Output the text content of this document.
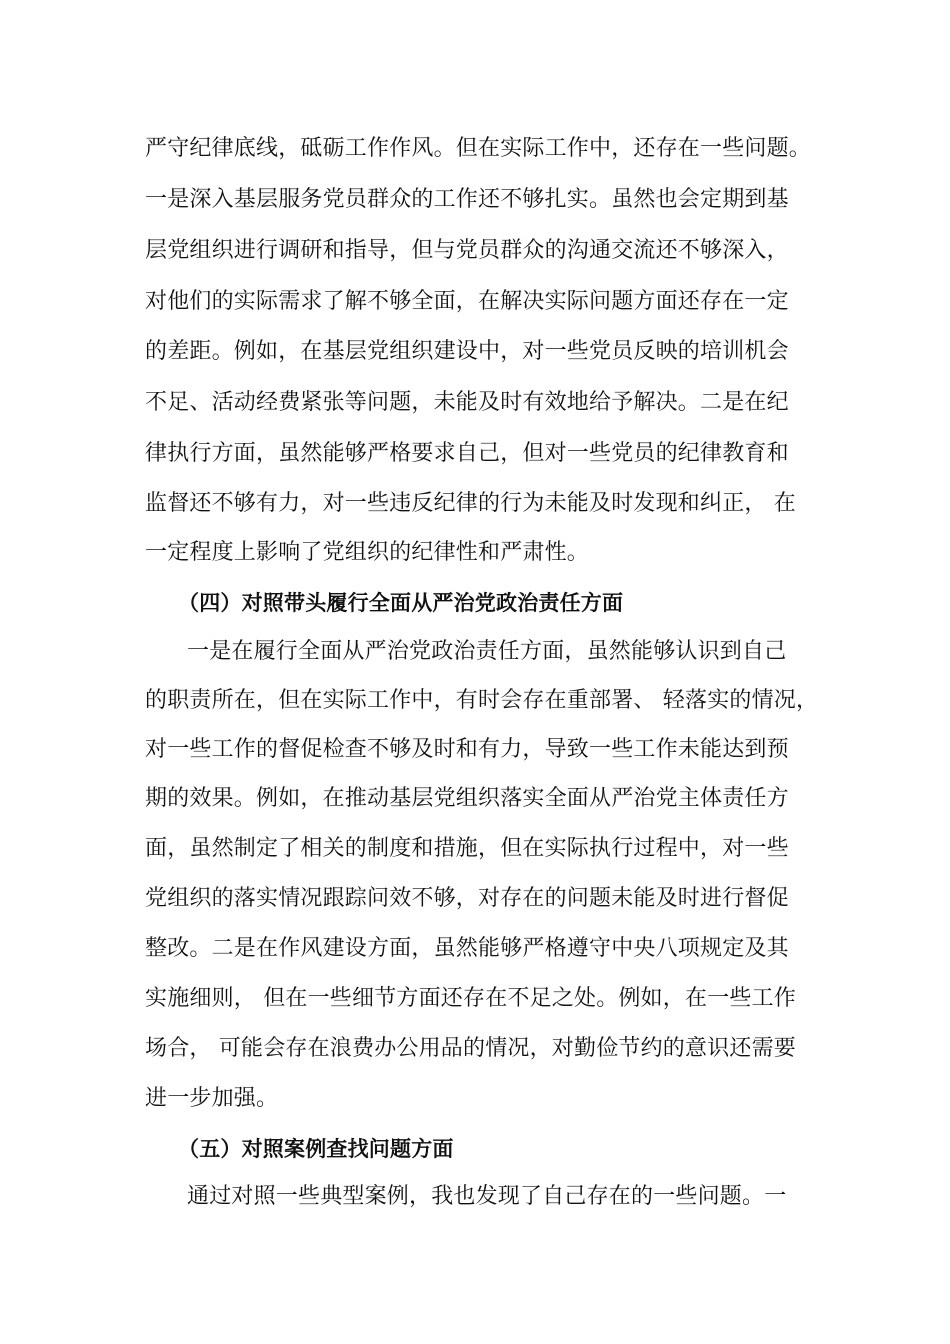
严守纪律底线，砥砺工作作风。但在实际工作中，还存在一些问题。
一是深入基层服务党员群众的工作还不够扎实。虽然也会定期到基
层党组织进行调研和指导，但与党员群众的沟通交流还不够深入，
对他们的实际需求了解不够全面，在解决实际问题方面还存在一定
的差距。例如，在基层党组织建设中，对一些党员反映的培训机会
不足、活动经费紧张等问题，未能及时有效地给予解决。二是在纪
律执行方面，虽然能够严格要求自己，但对一些党员的纪律教育和
监督还不够有力，对一些违反纪律的行为未能及时发现和纠正， 在
一定程度上影响了党组织的纪律性和严肃性。
（四）对照带头履行全面从严治党政治责任方面
一是在履行全面从严治党政治责任方面，虽然能够认识到自己
的职责所在，但在实际工作中，有时会存在重部署、 轻落实的情况，
对一些工作的督促检查不够及时和有力，导致一些工作未能达到预
期的效果。例如，在推动基层党组织落实全面从严治党主体责任方
面，虽然制定了相关的制度和措施，但在实际执行过程中，对一些
党组织的落实情况跟踪问效不够，对存在的问题未能及时进行督促
整改。二是在作风建设方面，虽然能够严格遵守中央八项规定及其
实施细则， 但在一些细节方面还存在不足之处。例如，在一些工作
场合， 可能会存在浪费办公用品的情况，对勤俭节约的意识还需要
进一步加强。
（五）对照案例查找问题方面
通过对照一些典型案例，我也发现了自己存在的一些问题。一
